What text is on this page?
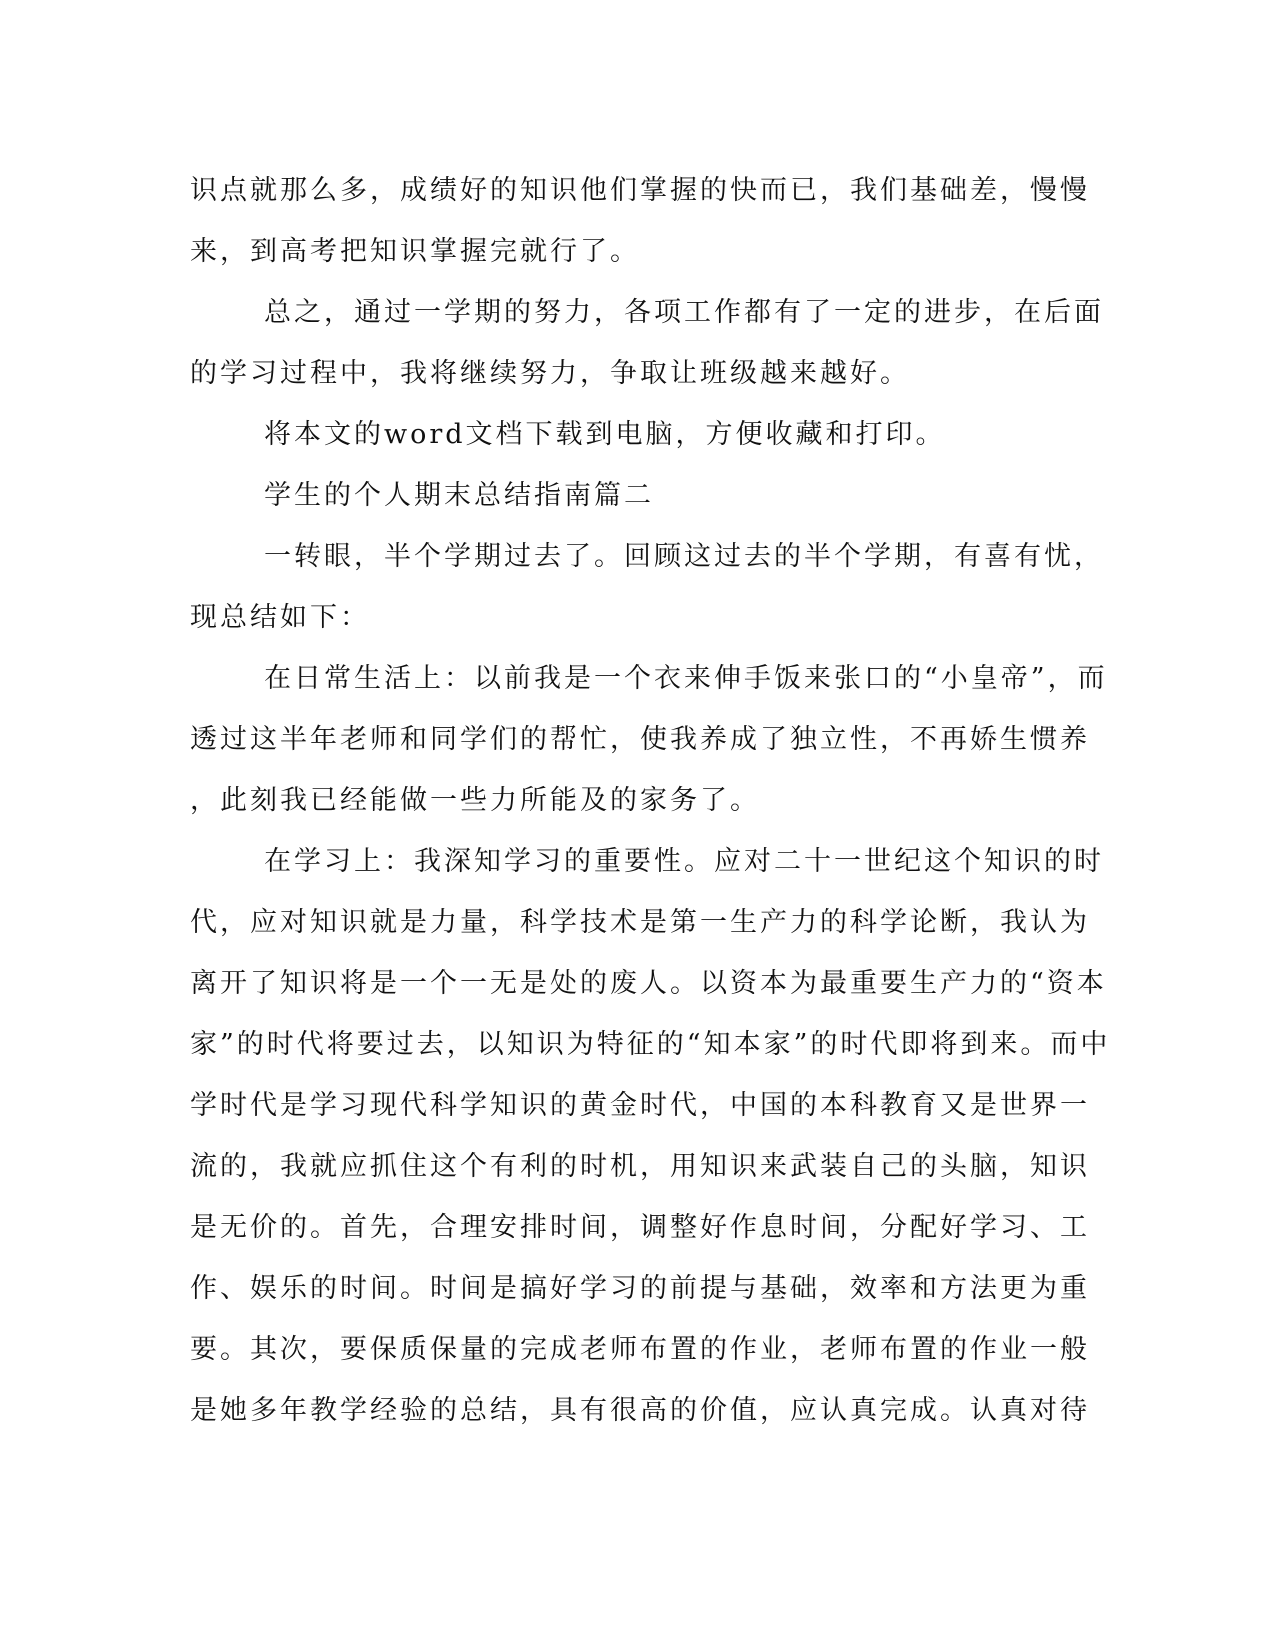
识点就那么多，成绩好的知识他们掌握的快而已，我们基础差，慢慢
来，到高考把知识掌握完就行了。
总之，通过一学期的努力，各项工作都有了一定的进步，在后面
的学习过程中，我将继续努力，争取让班级越来越好。
将本文的word文档下载到电脑，方便收藏和打印。
学生的个人期末总结指南篇二
一转眼，半个学期过去了。回顾这过去的半个学期，有喜有忧，
现总结如下：
在日常生活上：以前我是一个衣来伸手饭来张口的“小皇帝”，而
透过这半年老师和同学们的帮忙，使我养成了独立性，不再娇生惯养
，此刻我已经能做一些力所能及的家务了。
在学习上：我深知学习的重要性。应对二十一世纪这个知识的时
代，应对知识就是力量，科学技术是第一生产力的科学论断，我认为
离开了知识将是一个一无是处的废人。以资本为最重要生产力的“资本
家”的时代将要过去，以知识为特征的“知本家”的时代即将到来。而中
学时代是学习现代科学知识的黄金时代，中国的本科教育又是世界一
流的，我就应抓住这个有利的时机，用知识来武装自己的头脑，知识
是无价的。首先，合理安排时间，调整好作息时间，分配好学习、工
作、娱乐的时间。时间是搞好学习的前提与基础，效率和方法更为重
要。其次，要保质保量的完成老师布置的作业，老师布置的作业一般
是她多年教学经验的总结，具有很高的价值，应认真完成。认真对待
